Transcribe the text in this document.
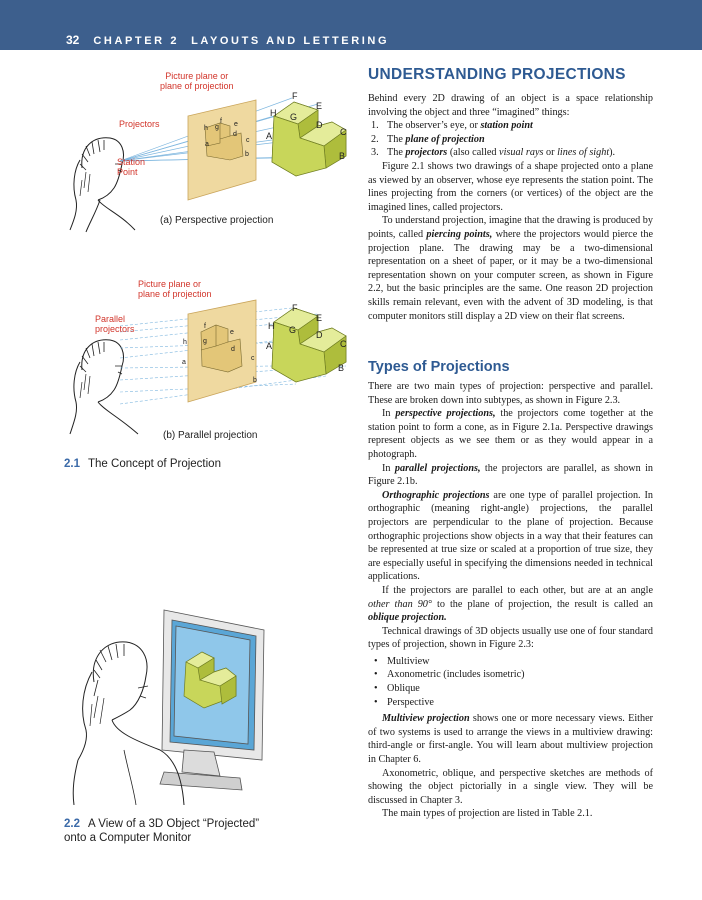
32 CHAPTER 2 LAYOUTS AND LETTERING
Picture plane or
plane of projection
Projectors
Station
Point
F
E
H G
D
C
B
A
f e
h g
d
c
a
b
(a) Perspective projection
Picture plane or
plane of projection
Parallel
projectors
F
E
H G D
C
B
A
f
e
h g
d
c
a
b
(b) Parallel projection
2.1 The Concept of Projection
2.2 A View of a 3D Object “Projected”
onto a Computer Monitor
UNDERSTANDING PROJECTIONS

Behind every 2D drawing of an object is a space relationship involving the object and three “imagined” things:

1. The observer’s eye, or station point
2. The plane of projection
3. The projectors (also called visual rays or lines of sight).

Figure 2.1 shows two drawings of a shape projected onto a plane as viewed by an observer, whose eye represents the station point. The lines projecting from the corners (or vertices) of the object are the imagined lines, called projectors.

To understand projection, imagine that the drawing is produced by points, called piercing points, where the projectors would pierce the projection plane. The drawing may be a two-dimensional representation on a sheet of paper, or it may be a two-dimensional representation shown on your computer screen, as shown in Figure 2.2, but the basic principles are the same. One reason 2D projection skills remain relevant, even with the advent of 3D modeling, is that computer monitors still display a 2D view on their flat screens.

Types of Projections

There are two main types of projection: perspective and parallel. These are broken down into subtypes, as shown in Figure 2.3.

In perspective projections, the projectors come together at the station point to form a cone, as in Figure 2.1a. Perspective drawings represent objects as we see them or as they would appear in a photograph.

In parallel projections, the projectors are parallel, as shown in Figure 2.1b.

Orthographic projections are one type of parallel projection. In orthographic (meaning right-angle) projections, the parallel projectors are perpendicular to the plane of projection. Because orthographic projections show objects in a way that their features can be represented at true size or scaled at a proportion of true size, they are especially useful in specifying the dimensions needed in technical applications.

If the projectors are parallel to each other, but are at an angle other than 90° to the plane of projection, the result is called an oblique projection.

Technical drawings of 3D objects usually use one of four standard types of projection, shown in Figure 2.3:

• Multiview
• Axonometric (includes isometric)
• Oblique
• Perspective

Multiview projection shows one or more necessary views. Either of two systems is used to arrange the views in a multiview drawing: third-angle or first-angle. You will learn about multiview projection in Chapter 6.

Axonometric, oblique, and perspective sketches are methods of showing the object pictorially in a single view. They will be discussed in Chapter 3.

The main types of projection are listed in Table 2.1.
